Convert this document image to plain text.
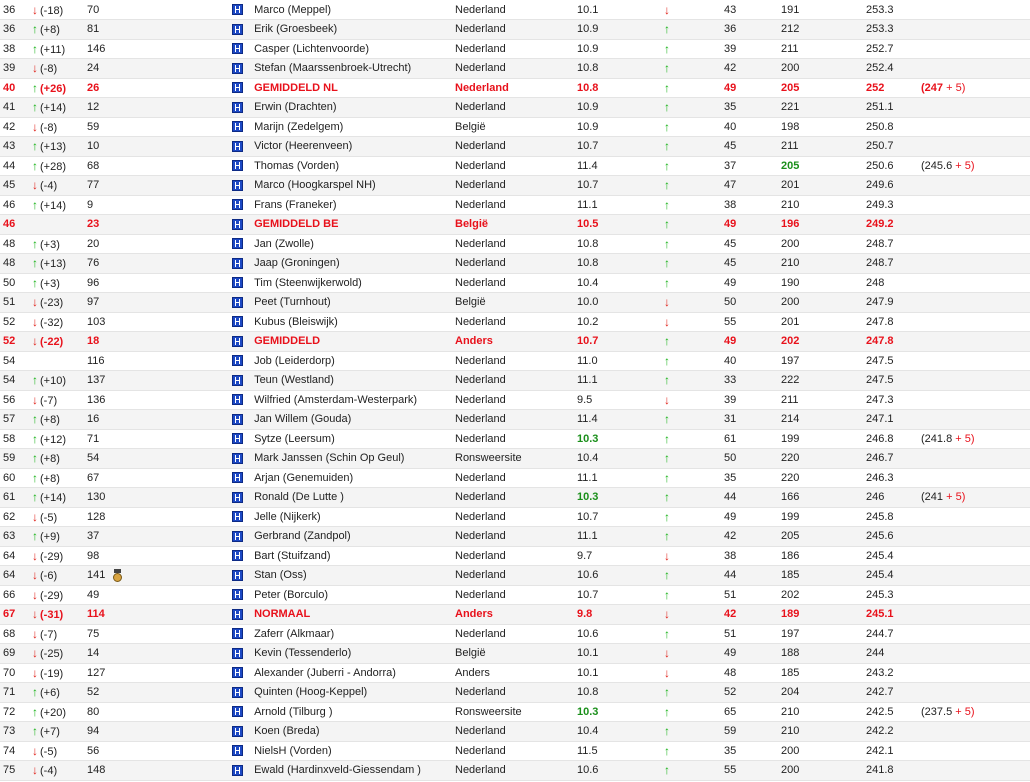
36	↓ (-18)	70	Marco (Meppel)	Nederland	10.1	↓	43	191	253.3	
36	↑ (+8)	81	Erik (Groesbeek)	Nederland	10.9	↑	36	212	253.3	
38	↑ (+11)	146	Casper (Lichtenvoorde)	Nederland	10.9	↑	39	211	252.7	
39	↓ (-8)	24	Stefan (Maarssenbroek-Utrecht)	Nederland	10.8	↑	42	200	252.4	
40	↑ (+26)	26	GEMIDDELD NL	Nederland	10.8	↑	49	205	252	(247 + 5)
41	↑ (+14)	12	Erwin (Drachten)	Nederland	10.9	↑	35	221	251.1	
42	↓ (-8)	59	Marijn (Zedelgem)	België	10.9	↑	40	198	250.8	
43	↑ (+13)	10	Victor (Heerenveen)	Nederland	10.7	↑	45	211	250.7	
44	↑ (+28)	68	Thomas (Vorden)	Nederland	11.4	↑	37	205	250.6	(245.6 + 5)
45	↓ (-4)	77	Marco (Hoogkarspel NH)	Nederland	10.7	↑	47	201	249.6	
46	↑ (+14)	9	Frans (Franeker)	Nederland	11.1	↑	38	210	249.3	
46		23	GEMIDDELD BE	België	10.5	↑	49	196	249.2	
48	↑ (+3)	20	Jan (Zwolle)	Nederland	10.8	↑	45	200	248.7	
48	↑ (+13)	76	Jaap (Groningen)	Nederland	10.8	↑	45	210	248.7	
50	↑ (+3)	96	Tim (Steenwijkerwold)	Nederland	10.4	↑	49	190	248	
51	↓ (-23)	97	Peet (Turnhout)	België	10.0	↓	50	200	247.9	
52	↓ (-32)	103	Kubus (Bleiswijk)	Nederland	10.2	↓	55	201	247.8	
52	↓ (-22)	18	GEMIDDELD	Anders	10.7	↑	49	202	247.8	
54		116	Job (Leiderdorp)	Nederland	11.0	↑	40	197	247.5	
54	↑ (+10)	137	Teun (Westland)	Nederland	11.1	↑	33	222	247.5	
56	↓ (-7)	136	Wilfried (Amsterdam-Westerpark)	Nederland	9.5	↓	39	211	247.3	
57	↑ (+8)	16	Jan Willem (Gouda)	Nederland	11.4	↑	31	214	247.1	
58	↑ (+12)	71	Sytze (Leersum)	Nederland	10.3	↑	61	199	246.8	(241.8 + 5)
59	↑ (+8)	54	Mark Janssen (Schin Op Geul)	Ronsweersite	10.4	↑	50	220	246.7	
60	↑ (+8)	67	Arjan (Genemuiden)	Nederland	11.1	↑	35	220	246.3	
61	↑ (+14)	130	Ronald (De Lutte )	Nederland	10.3	↑	44	166	246	(241 + 5)
62	↓ (-5)	128	Jelle (Nijkerk)	Nederland	10.7	↑	49	199	245.8	
63	↑ (+9)	37	Gerbrand (Zandpol)	Nederland	11.1	↑	42	205	245.6	
64	↓ (-29)	98	Bart (Stuifzand)	Nederland	9.7	↓	38	186	245.4	
64	↓ (-6)	141	Stan (Oss)	Nederland	10.6	↑	44	185	245.4	
66	↓ (-29)	49	Peter (Borculo)	Nederland	10.7	↑	51	202	245.3	
67	↓ (-31)	114	NORMAAL	Anders	9.8	↓	42	189	245.1	
68	↓ (-7)	75	Zaferr (Alkmaar)	Nederland	10.6	↑	51	197	244.7	
69	↓ (-25)	14	Kevin (Tessenderlo)	België	10.1	↓	49	188	244	
70	↓ (-19)	127	Alexander (Juberri - Andorra)	Anders	10.1	↓	48	185	243.2	
71	↑ (+6)	52	Quinten (Hoog-Keppel)	Nederland	10.8	↑	52	204	242.7	
72	↑ (+20)	80	Arnold (Tilburg )	Ronsweersite	10.3	↑	65	210	242.5	(237.5 + 5)
73	↑ (+7)	94	Koen (Breda)	Nederland	10.4	↑	59	210	242.2	
74	↓ (-5)	56	NielsH (Vorden)	Nederland	11.5	↑	35	200	242.1	
75	↓ (-4)	148	Ewald (Hardinxveld-Giessendam )	Nederland	10.6	↑	55	200	241.8	
